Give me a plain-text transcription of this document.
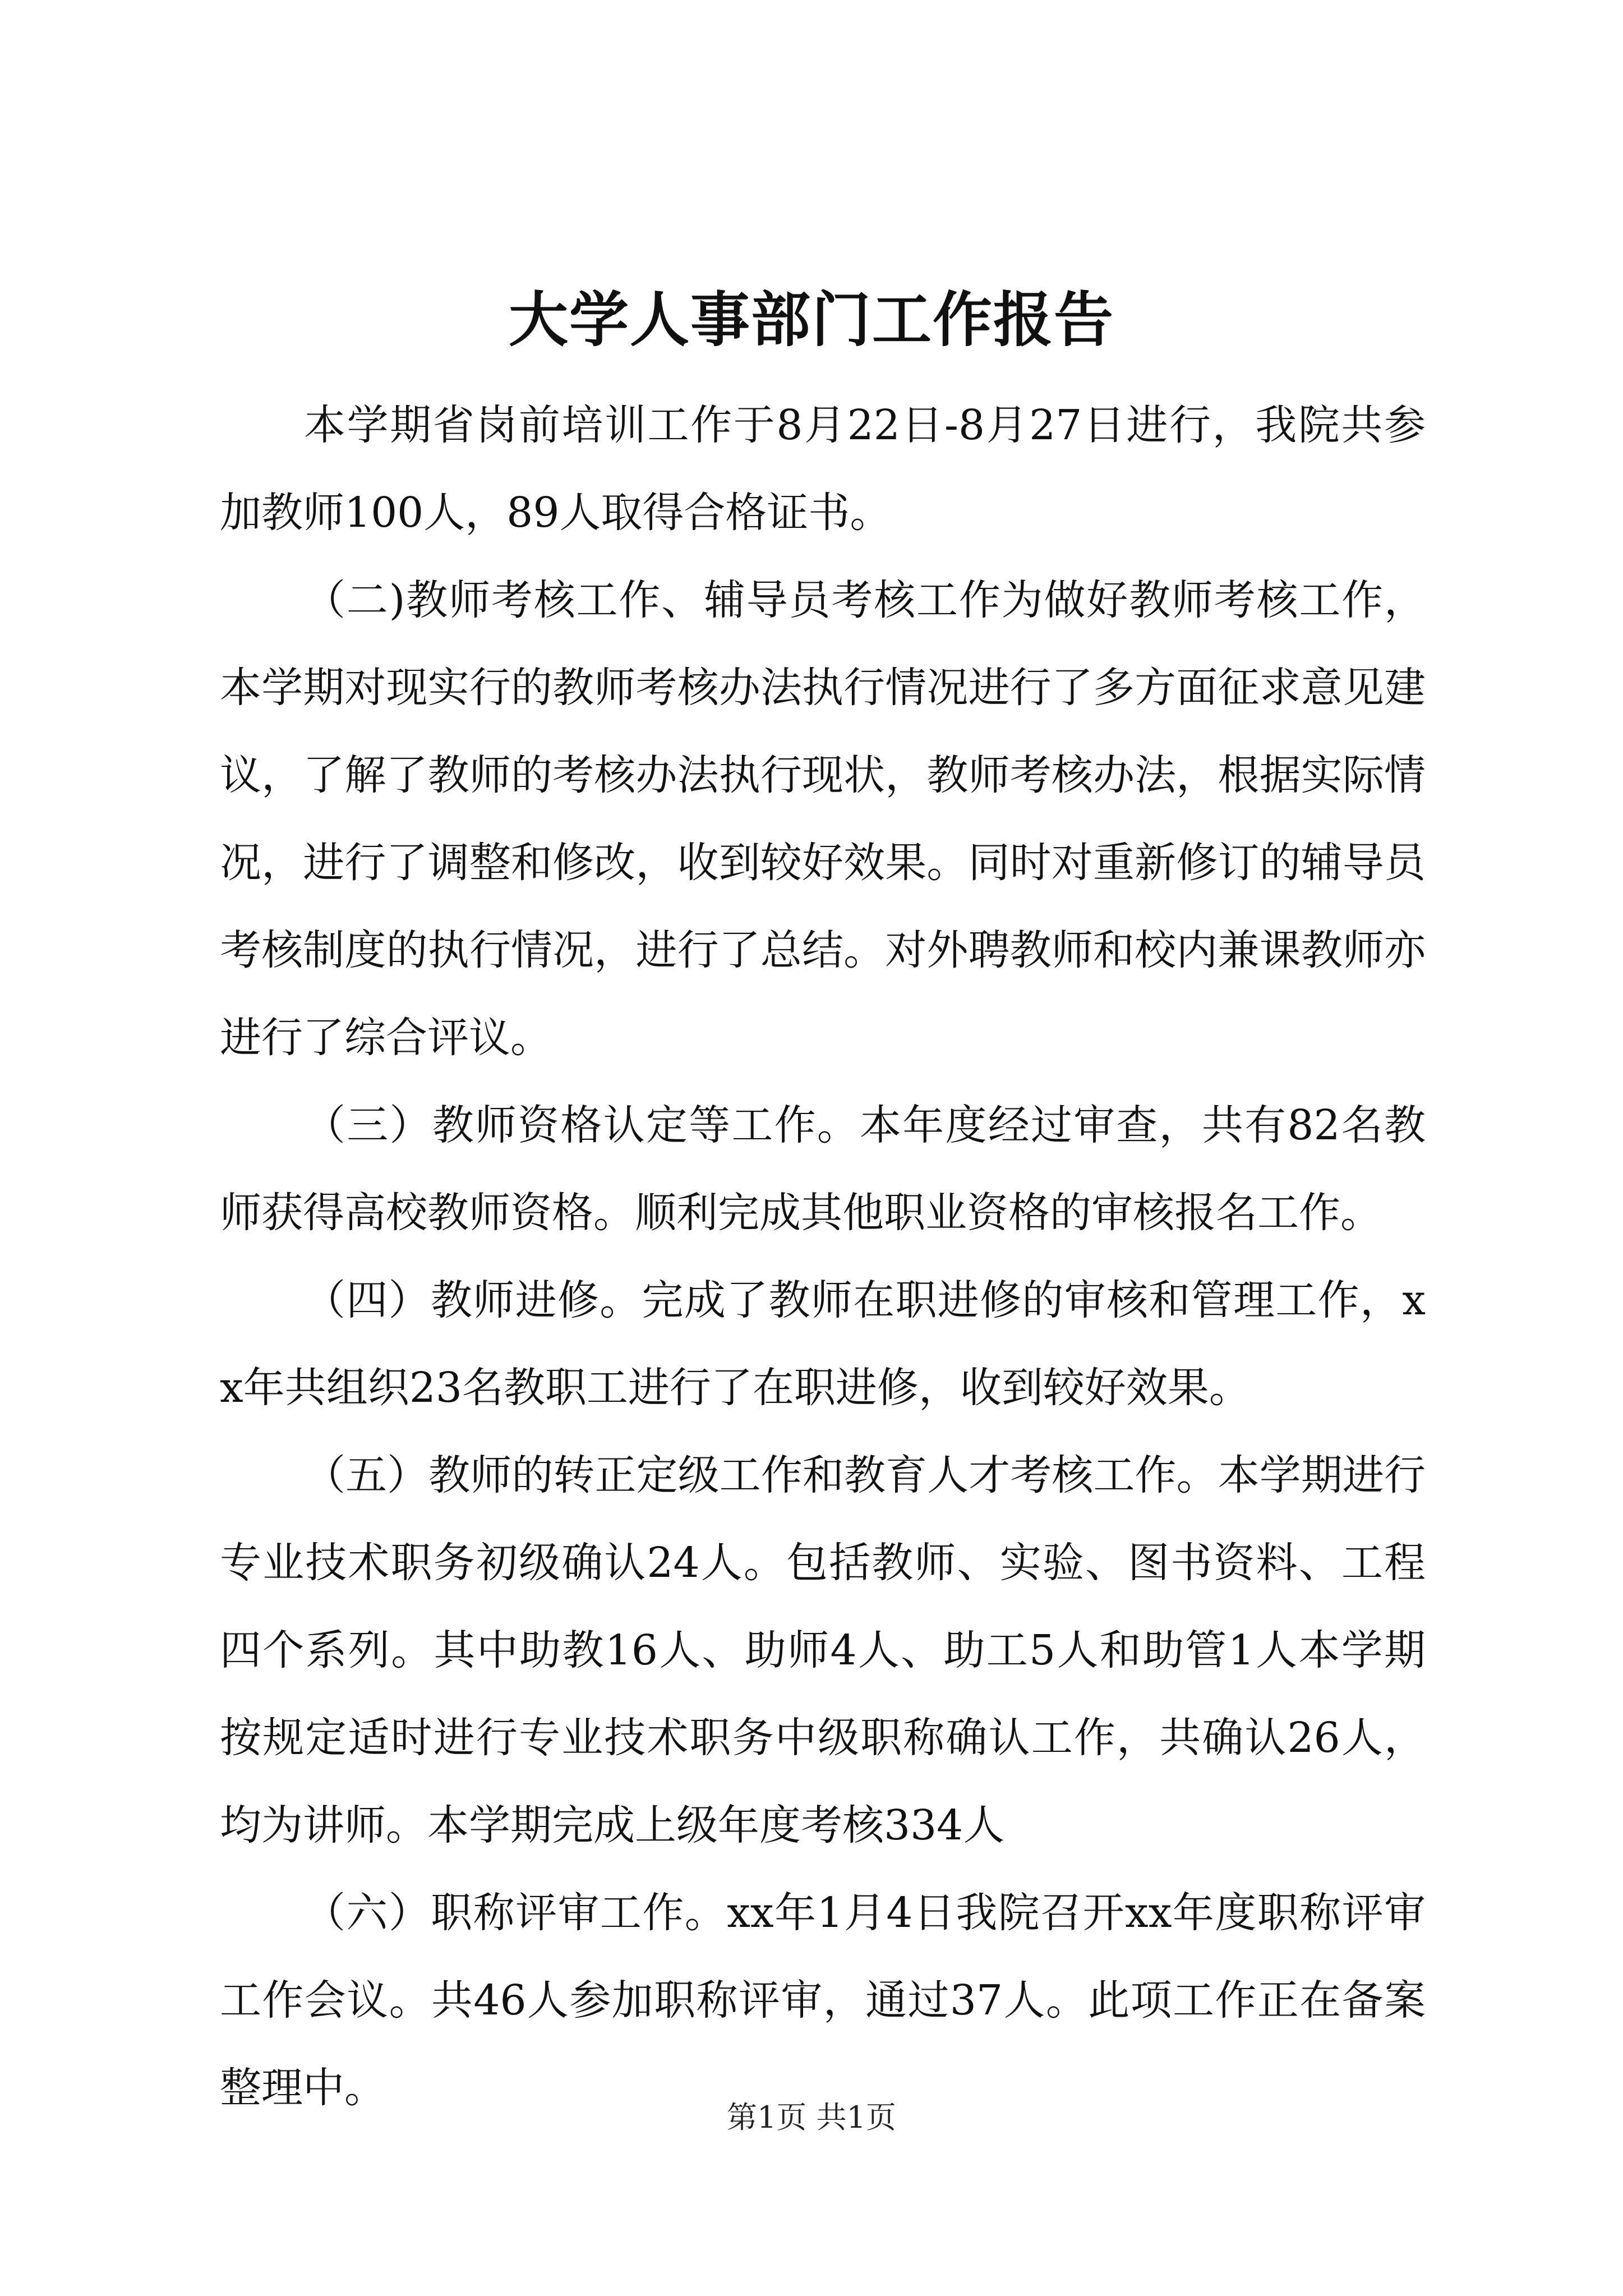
大学人事部门工作报告

本学期省岗前培训工作于8月22日-8月27日进行，我院共参加教师100人，89人取得合格证书。

（二)教师考核工作、辅导员考核工作为做好教师考核工作，本学期对现实行的教师考核办法执行情况进行了多方面征求意见建议，了解了教师的考核办法执行现状，教师考核办法，根据实际情况，进行了调整和修改，收到较好效果。同时对重新修订的辅导员考核制度的执行情况，进行了总结。对外聘教师和校内兼课教师亦进行了综合评议。

（三）教师资格认定等工作。本年度经过审查，共有82名教师获得高校教师资格。顺利完成其他职业资格的审核报名工作。

（四）教师进修。完成了教师在职进修的审核和管理工作，xx年共组织23名教职工进行了在职进修，收到较好效果。

（五）教师的转正定级工作和教育人才考核工作。本学期进行专业技术职务初级确认24人。包括教师、实验、图书资料、工程四个系列。其中助教16人、助师4人、助工5人和助管1人本学期按规定适时进行专业技术职务中级职称确认工作，共确认26人，均为讲师。本学期完成上级年度考核334人

（六）职称评审工作。xx年1月4日我院召开xx年度职称评审工作会议。共46人参加职称评审，通过37人。此项工作正在备案整理中。

第1页 共1页
